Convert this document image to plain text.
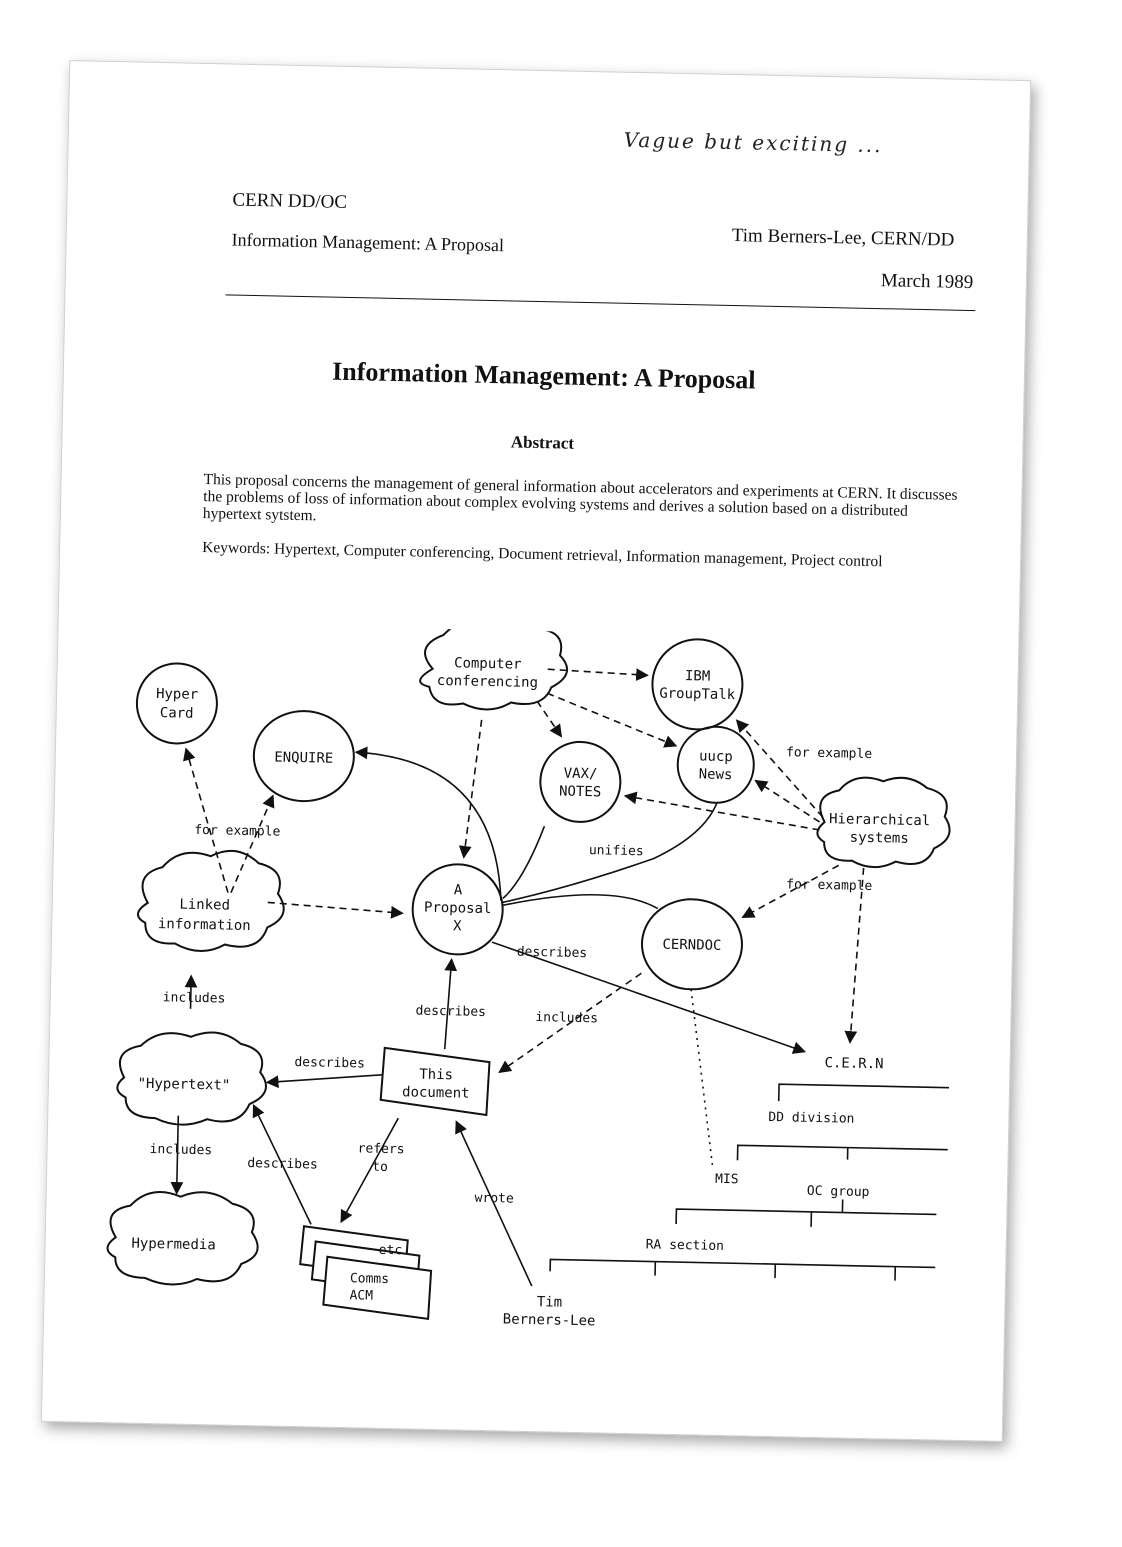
Vague but exciting ...
CERN DD/OC
Information Management: A Proposal	Tim Berners-Lee, CERN/DD
March 1989
Information Management: A Proposal
Abstract
This proposal concerns the management of general information about accelerators and experiments at CERN. It discusses the problems of loss of information about complex evolving systems and derives a solution based on a distributed hypertext sytstem.
Keywords: Hypertext, Computer conferencing, Document retrieval, Information management, Project control
Hyper
Card
ENQUIRE
Computer
conferencing	IBM
GroupTalk
VAX/
NOTES
uucp
News
Hierarchical
systems
Linked
information
A
Proposal
X
CERNDOC
"Hypertext"
This
document
Hypermedia	etc
Comms
ACM	Tim
Berners-Lee
C.E.R.N
DD division
MIS
OC group
RA section
for example
for example
for example
unifies
describes
describes	includes
includes
describes
includes
describes
refers
to
wrote
